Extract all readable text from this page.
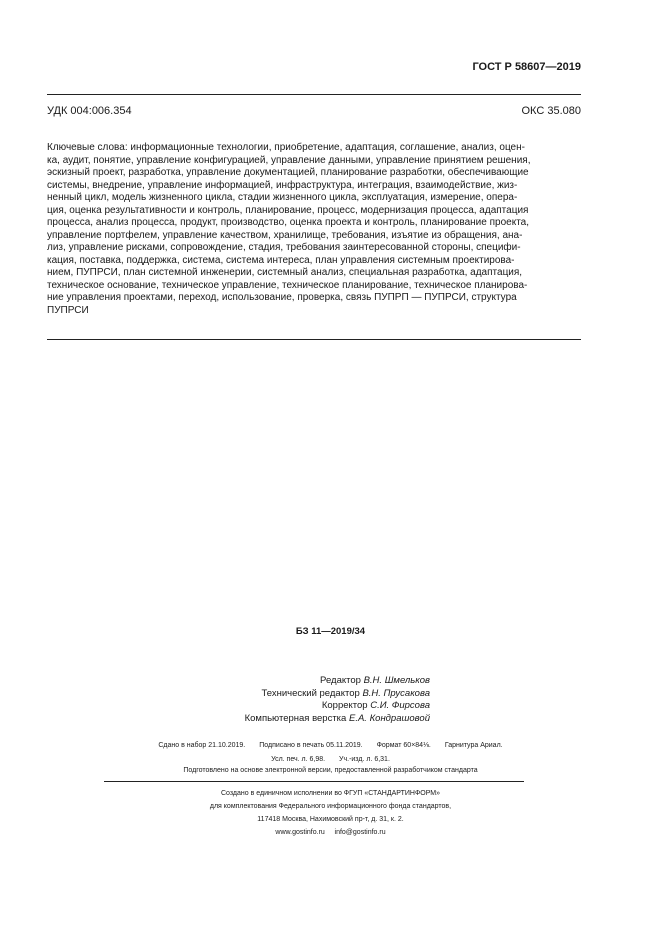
ГОСТ Р 58607—2019
УДК 004:006.354	ОКС 35.080
Ключевые слова: информационные технологии, приобретение, адаптация, соглашение, анализ, оцен-
ка, аудит, понятие, управление конфигурацией, управление данными, управление принятием решения,
эскизный проект, разработка, управление документацией, планирование разработки, обеспечивающие
системы, внедрение, управление информацией, инфраструктура, интеграция, взаимодействие, жиз-
ненный цикл, модель жизненного цикла, стадии жизненного цикла, эксплуатация, измерение, опера-
ция, оценка результативности и контроль, планирование, процесс, модернизация процесса, адаптация
процесса, анализ процесса, продукт, производство, оценка проекта и контроль, планирование проекта,
управление портфелем, управление качеством, хранилище, требования, изъятие из обращения, ана-
лиз, управление рисками, сопровождение, стадия, требования заинтересованной стороны, специфи-
кация, поставка, поддержка, система, система интереса, план управления системным проектирова-
нием, ПУПРСИ, план системной инженерии, системный анализ, специальная разработка, адаптация,
техническое основание, техническое управление, техническое планирование, техническое планирова-
ние управления проектами, переход, использование, проверка, связь ПУПРП — ПУПРСИ, структура
ПУПРСИ
БЗ 11—2019/34
Редактор В.Н. Шмельков
Технический редактор В.Н. Прусакова
Корректор С.И. Фирсова
Компьютерная верстка Е.А. Кондрашовой
Сдано в набор 21.10.2019. Подписано в печать 05.11.2019. Формат 60×84⅛. Гарнитура Ариал.
Усл. печ. л. 6,98. Уч.-изд. л. 6,31.
Подготовлено на основе электронной версии, предоставленной разработчиком стандарта
Создано в единичном исполнении во ФГУП «СТАНДАРТИНФОРМ»
для комплектования Федерального информационного фонда стандартов,
117418 Москва, Нахимовский пр-т, д. 31, к. 2.
www.gostinfo.ru     info@gostinfo.ru
